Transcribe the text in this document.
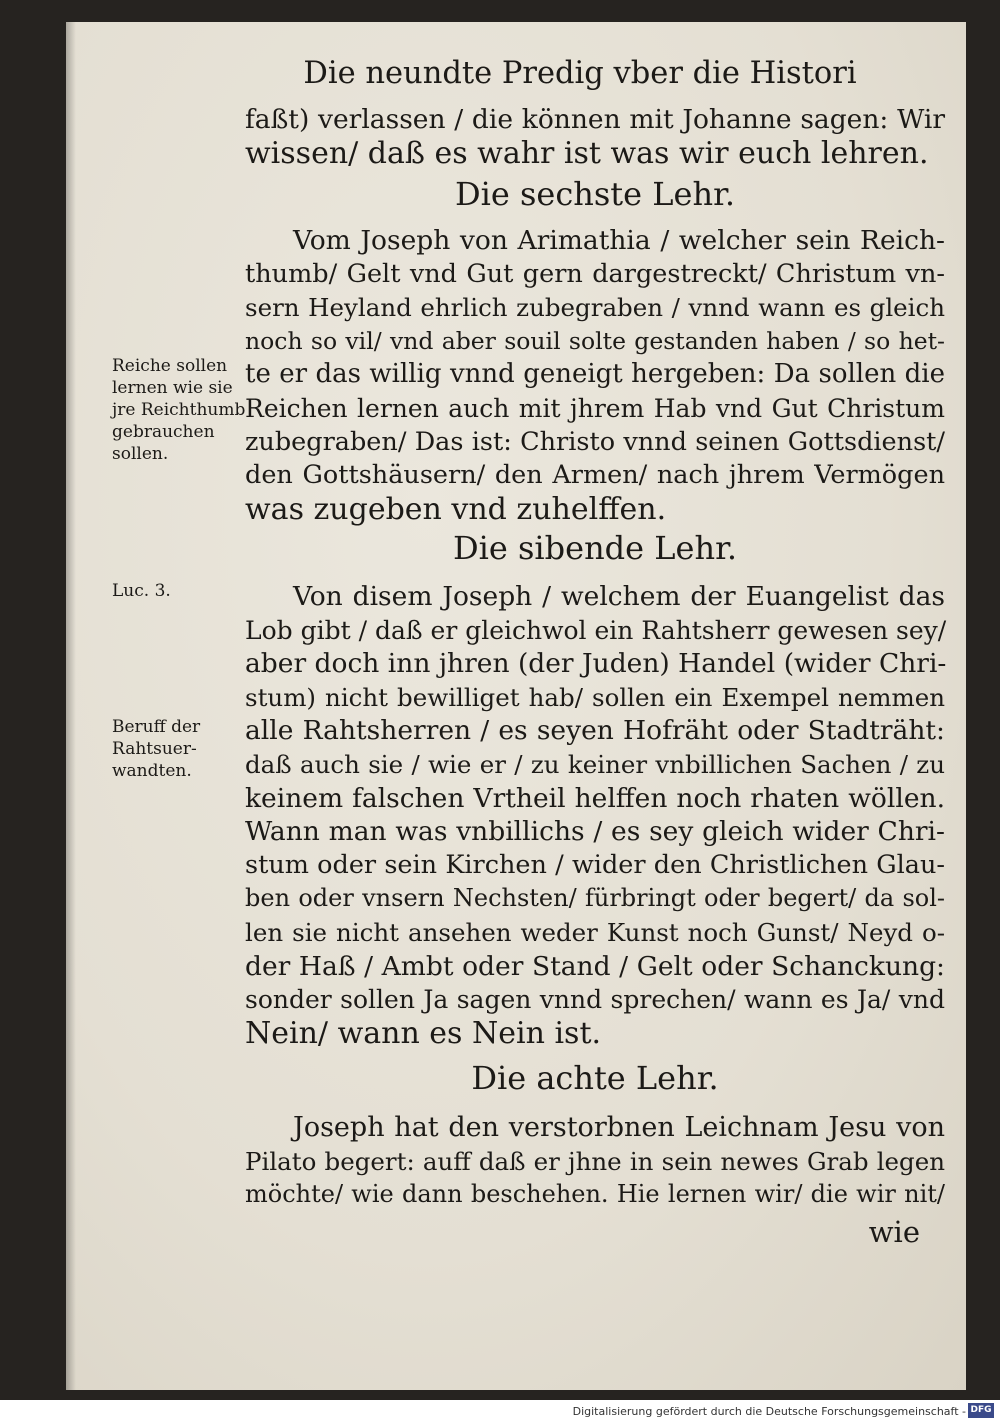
Die neundte Predig vber die Histori
faßt) verlassen / die können mit Johanne sagen: Wir
wissen/ daß es wahr ist was wir euch lehren.
Die sechste Lehr.
Vom Joseph von Arimathia / welcher sein Reich-
thumb/ Gelt vnd Gut gern dargestreckt/ Christum vn-
sern Heyland ehrlich zubegraben / vnnd wann es gleich
noch so vil/ vnd aber souil solte gestanden haben / so het-
te er das willig vnnd geneigt hergeben: Da sollen die
Reichen lernen auch mit jhrem Hab vnd Gut Christum
zubegraben/ Das ist: Christo vnnd seinen Gottsdienst/
den Gottshäusern/ den Armen/ nach jhrem Vermögen
was zugeben vnd zuhelffen.
Die sibende Lehr.
Von disem Joseph / welchem der Euangelist das
Lob gibt / daß er gleichwol ein Rahtsherr gewesen sey/
aber doch inn jhren (der Juden) Handel (wider Chri-
stum) nicht bewilliget hab/ sollen ein Exempel nemmen
alle Rahtsherren / es seyen Hofräht oder Stadträht:
daß auch sie / wie er / zu keiner vnbillichen Sachen / zu
keinem falschen Vrtheil helffen noch rhaten wöllen.
Wann man was vnbillichs / es sey gleich wider Chri-
stum oder sein Kirchen / wider den Christlichen Glau-
ben oder vnsern Nechsten/ fürbringt oder begert/ da sol-
len sie nicht ansehen weder Kunst noch Gunst/ Neyd o-
der Haß / Ambt oder Stand / Gelt oder Schanckung:
sonder sollen Ja sagen vnnd sprechen/ wann es Ja/ vnd
Nein/ wann es Nein ist.
Die achte Lehr.
Joseph hat den verstorbnen Leichnam Jesu von
Pilato begert: auff daß er jhne in sein newes Grab legen
möchte/ wie dann beschehen. Hie lernen wir/ die wir nit/
wie
Reiche sollen
lernen wie sie
jre Reichthumb
gebrauchen
sollen.
Luc. 3.
Beruff der
Rahtsuer-
wandten.
Digitalisierung gefördert durch die Deutsche Forschungsgemeinschaft - DFG
